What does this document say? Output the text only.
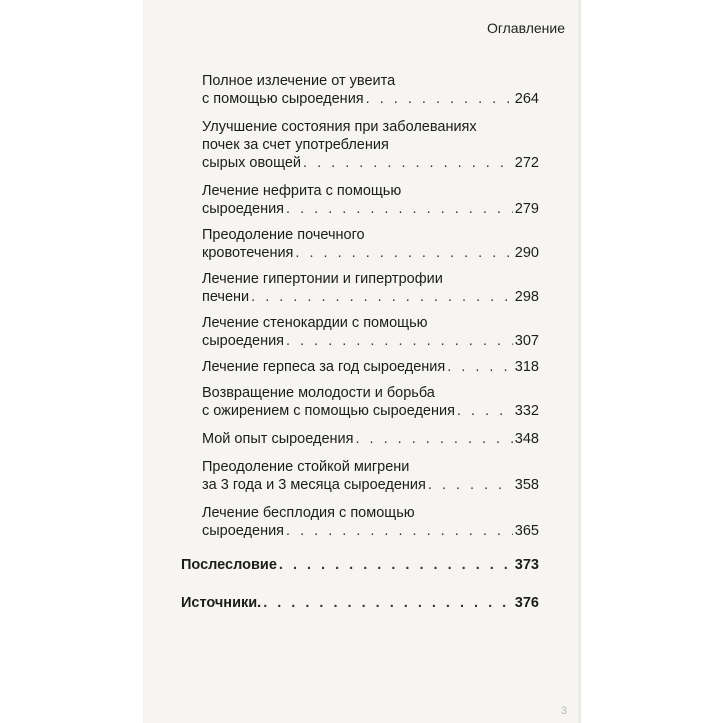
Оглавление
Полное излечение от увеита
с помощью сыроедения . . .	264
Улучшение состояния при заболеваниях
почек за счет употребления
сырых овощей . . .	272
Лечение нефрита с помощью
сыроедения . . .	279
Преодоление почечного
кровотечения . . .	290
Лечение гипертонии и гипертрофии
печени . . .	298
Лечение стенокардии с помощью
сыроедения . . .	307
Лечение герпеса за год сыроедения . . .	318
Возвращение молодости и борьба
с ожирением с помощью сыроедения . . .	332
Мой опыт сыроедения . . .	348
Преодоление стойкой мигрени
за 3 года и 3 месяца сыроедения . . .	358
Лечение бесплодия с помощью
сыроедения . . .	365
Послесловие . . .	373
Источники. . . .	376
3
